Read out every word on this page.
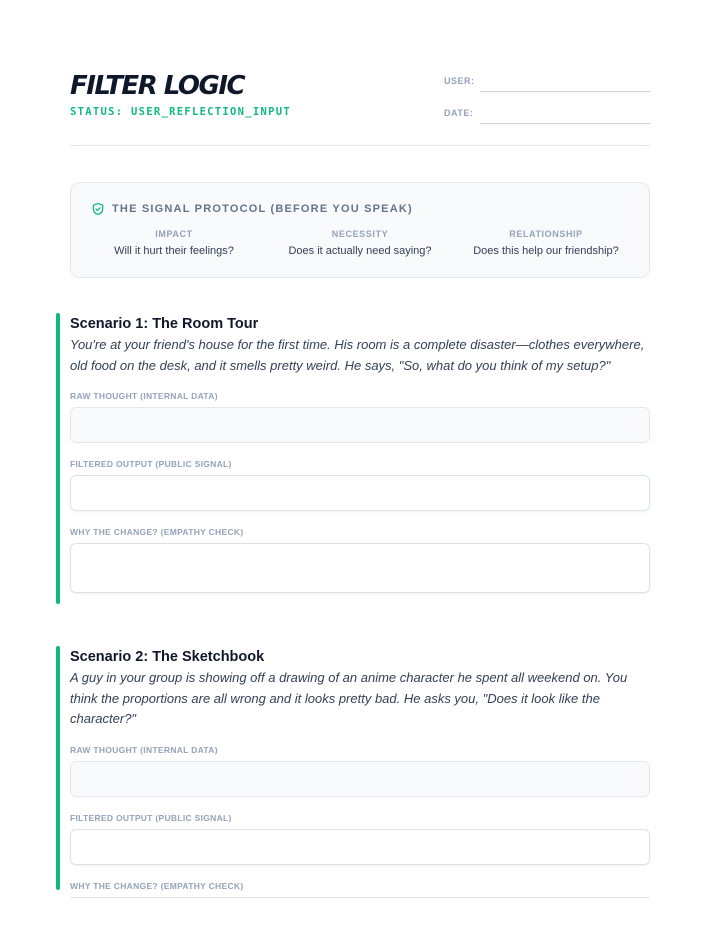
FILTER LOGIC
STATUS: USER_REFLECTION_INPUT
USER:
DATE:
THE SIGNAL PROTOCOL (BEFORE YOU SPEAK)
IMPACT
Will it hurt their feelings?
NECESSITY
Does it actually need saying?
RELATIONSHIP
Does this help our friendship?
Scenario 1: The Room Tour
You're at your friend's house for the first time. His room is a complete disaster—clothes everywhere, old food on the desk, and it smells pretty weird. He says, "So, what do you think of my setup?"
RAW THOUGHT (INTERNAL DATA)
FILTERED OUTPUT (PUBLIC SIGNAL)
WHY THE CHANGE? (EMPATHY CHECK)
Scenario 2: The Sketchbook
A guy in your group is showing off a drawing of an anime character he spent all weekend on. You think the proportions are all wrong and it looks pretty bad. He asks you, "Does it look like the character?"
RAW THOUGHT (INTERNAL DATA)
FILTERED OUTPUT (PUBLIC SIGNAL)
WHY THE CHANGE? (EMPATHY CHECK)
